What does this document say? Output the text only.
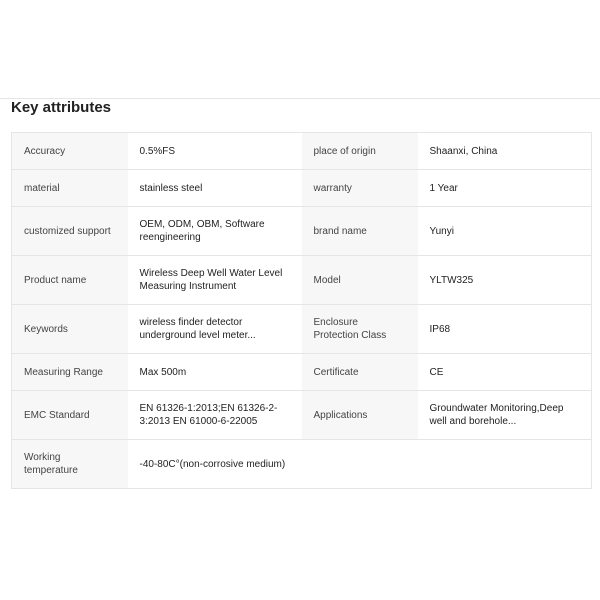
Key attributes
Accuracy	0.5%FS	place of origin	Shaanxi, China
material	stainless steel	warranty	1 Year
customized support	OEM, ODM, OBM, Software reengineering	brand name	Yunyi
Product name	Wireless Deep Well Water Level Measuring Instrument	Model	YLTW325
Keywords	wireless finder detector underground level meter...	Enclosure Protection Class	IP68
Measuring Range	Max 500m	Certificate	CE
EMC Standard	EN 61326-1:2013;EN 61326-2-3:2013 EN 61000-6-22005	Applications	Groundwater Monitoring,Deep well and borehole...
Working temperature	-40-80C°(non-corrosive medium)		
